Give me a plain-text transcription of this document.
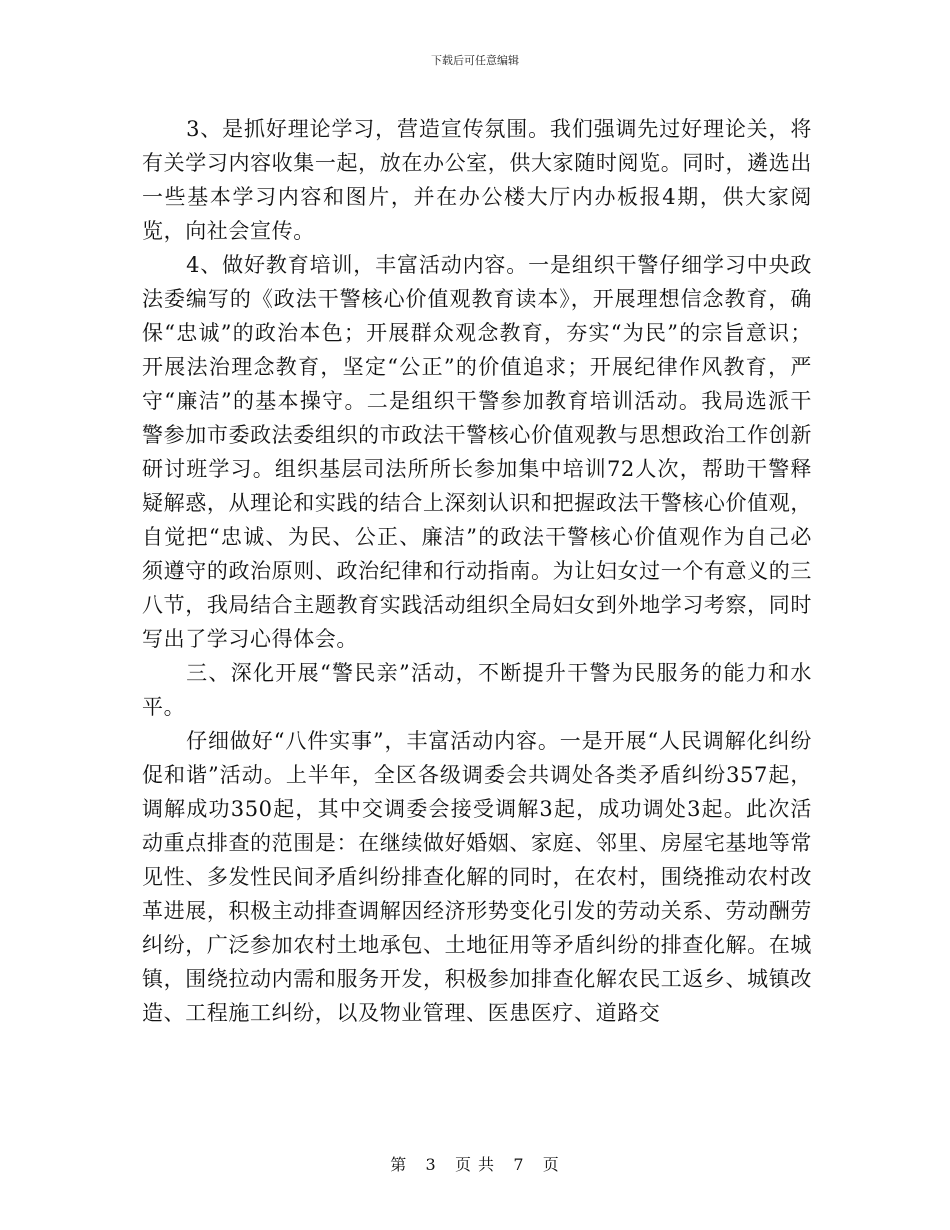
下载后可任意编辑

3、是抓好理论学习，营造宣传氛围。我们强调先过好理论关，将有关学习内容收集一起，放在办公室，供大家随时阅览。同时，遴选出一些基本学习内容和图片，并在办公楼大厅内办板报4期，供大家阅览，向社会宣传。

4、做好教育培训，丰富活动内容。一是组织干警仔细学习中央政法委编写的《政法干警核心价值观教育读本》，开展理想信念教育，确保“忠诚”的政治本色；开展群众观念教育，夯实“为民”的宗旨意识；开展法治理念教育，坚定“公正”的价值追求；开展纪律作风教育，严守“廉洁”的基本操守。二是组织干警参加教育培训活动。我局选派干警参加市委政法委组织的市政法干警核心价值观教与思想政治工作创新研讨班学习。组织基层司法所所长参加集中培训72人次，帮助干警释疑解惑，从理论和实践的结合上深刻认识和把握政法干警核心价值观，自觉把“忠诚、为民、公正、廉洁”的政法干警核心价值观作为自己必须遵守的政治原则、政治纪律和行动指南。为让妇女过一个有意义的三八节，我局结合主题教育实践活动组织全局妇女到外地学习考察，同时写出了学习心得体会。

三、深化开展“警民亲”活动，不断提升干警为民服务的能力和水平。

仔细做好“八件实事”，丰富活动内容。一是开展“人民调解化纠纷促和谐”活动。上半年，全区各级调委会共调处各类矛盾纠纷357起，调解成功350起，其中交调委会接受调解3起，成功调处3起。此次活动重点排查的范围是：在继续做好婚姻、家庭、邻里、房屋宅基地等常见性、多发性民间矛盾纠纷排查化解的同时，在农村，围绕推动农村改革进展，积极主动排查调解因经济形势变化引发的劳动关系、劳动酬劳纠纷，广泛参加农村土地承包、土地征用等矛盾纠纷的排查化解。在城镇，围绕拉动内需和服务开发，积极参加排查化解农民工返乡、城镇改造、工程施工纠纷，以及物业管理、医患医疗、道路交

第 3 页 共 7 页
